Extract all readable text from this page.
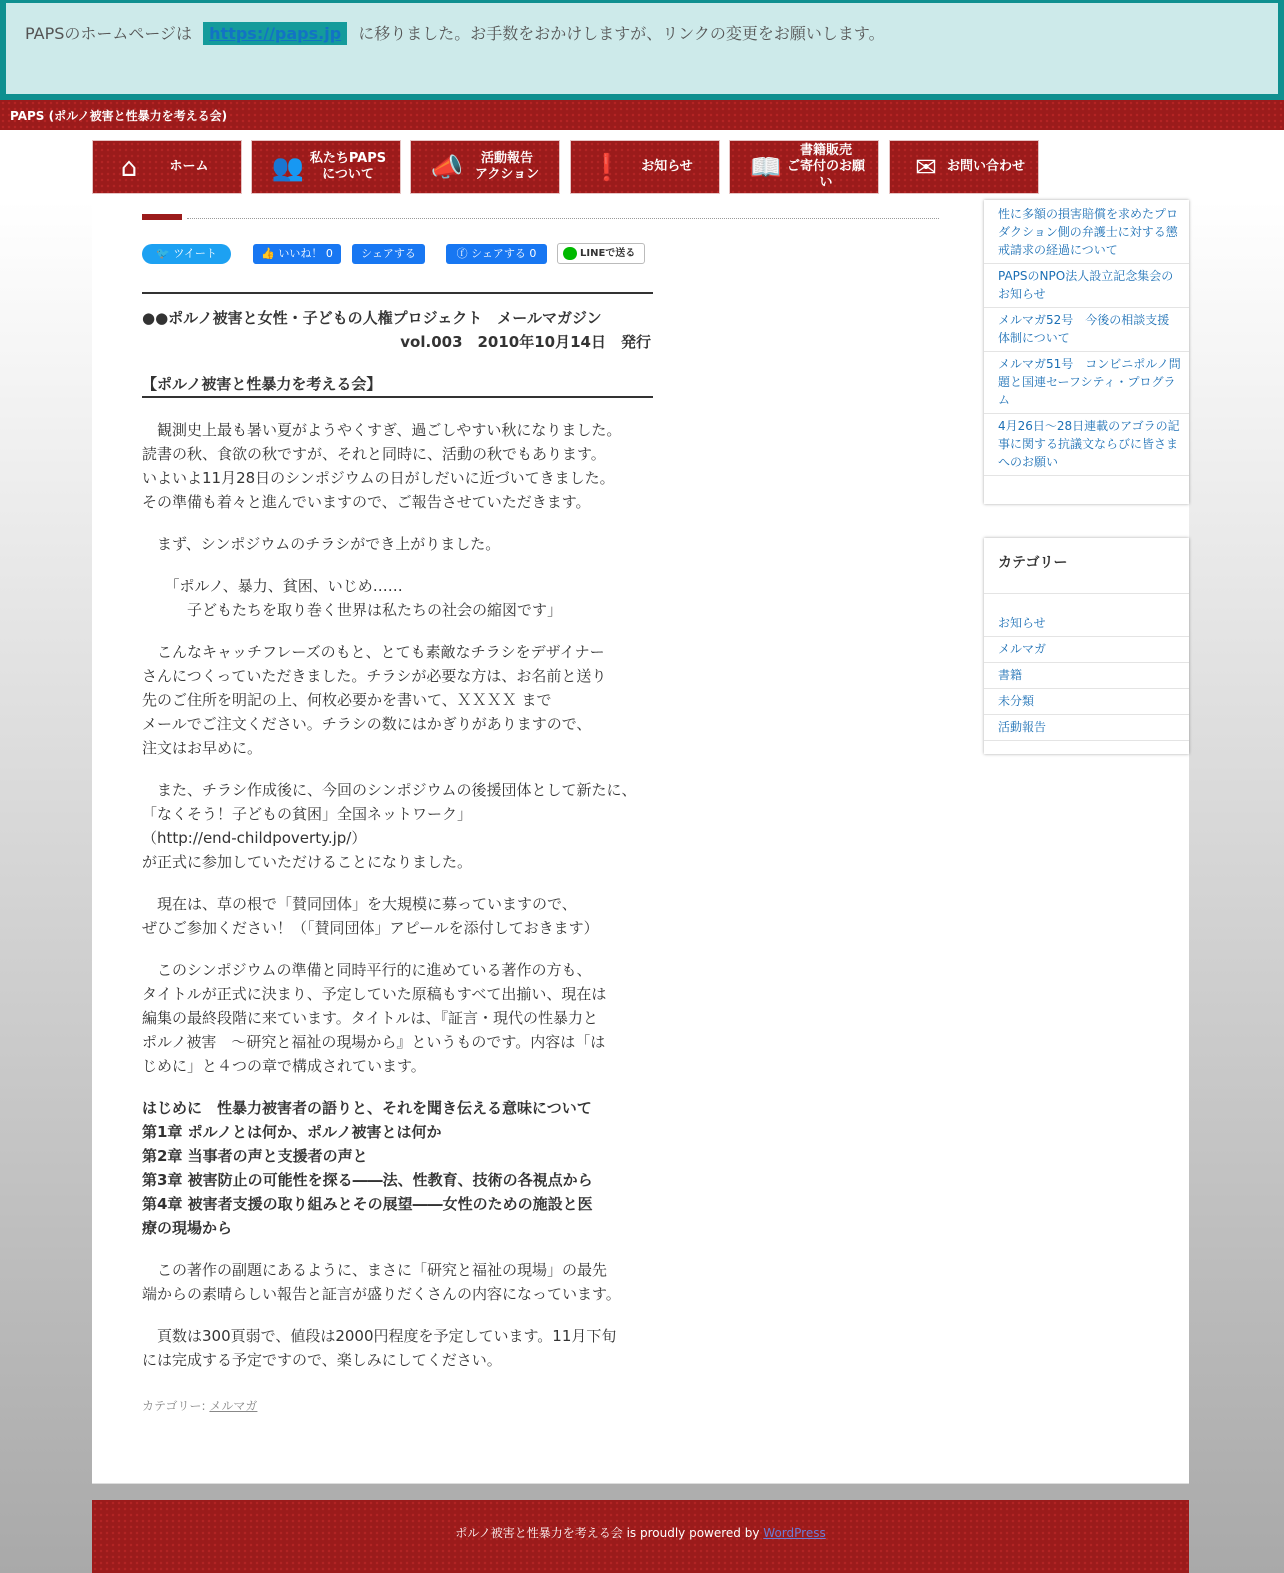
PAPSのホームページは https://paps.jp に移りました。お手数をおかけしますが、リンクの変更をお願いします。
PAPS (ポルノ被害と性暴力を考える会)
⌂	ホーム	👥 私たちPAPS
について	📣	活動報告
アクション	❗	お知らせ	📖
書籍販売
ご寄付のお願い	✉ お問い合わせ
🐦 ツイート	👍 いいね！ 0	シェアする	ⓕ シェアする 0	LINEで送る
●●ポルノ被害と女性・子どもの人権プロジェクト　メールマガジン
vol.003　2010年10月14日　発行
【ポルノ被害と性暴力を考える会】
　観測史上最も暑い夏がようやくすぎ、過ごしやすい秋になりました。
読書の秋、食欲の秋ですが、それと同時に、活動の秋でもあります。
いよいよ11月28日のシンポジウムの日がしだいに近づいてきました。
その準備も着々と進んでいますので、ご報告させていただきます。
　まず、シンポジウムのチラシができ上がりました。
　　「ポルノ、暴力、貧困、いじめ……
　　　子どもたちを取り巻く世界は私たちの社会の縮図です」
　こんなキャッチフレーズのもと、とても素敵なチラシをデザイナー
さんにつくっていただきました。チラシが必要な方は、お名前と送り
先のご住所を明記の上、何枚必要かを書いて、ＸＸＸＸ まで
メールでご注文ください。チラシの数にはかぎりがありますので、
注文はお早めに。
　また、チラシ作成後に、今回のシンポジウムの後援団体として新たに、
「なくそう！子どもの貧困」全国ネットワーク」
（http://end-childpoverty.jp/）
が正式に参加していただけることになりました。
　現在は、草の根で「賛同団体」を大規模に募っていますので、
ぜひご参加ください！（「賛同団体」アピールを添付しておきます）
　このシンポジウムの準備と同時平行的に進めている著作の方も、
タイトルが正式に決まり、予定していた原稿もすべて出揃い、現在は
編集の最終段階に来ています。タイトルは、『証言・現代の性暴力と
ポルノ被害　～研究と福祉の現場から』というものです。内容は「は
じめに」と４つの章で構成されています。
はじめに　性暴力被害者の語りと、それを聞き伝える意味について
第1章 ポルノとは何か、ポルノ被害とは何か
第2章 当事者の声と支援者の声と
第3章 被害防止の可能性を探る――法、性教育、技術の各視点から
第4章 被害者支援の取り組みとその展望――女性のための施設と医
療の現場から
　この著作の副題にあるように、まさに「研究と福祉の現場」の最先
端からの素晴らしい報告と証言が盛りだくさんの内容になっています。
　頁数は300頁弱で、値段は2000円程度を予定しています。11月下旬
には完成する予定ですので、楽しみにしてください。
カテゴリー: メルマガ
性に多額の損害賠償を求めたプロダクション側の弁護士に対する懲戒請求の経過について
PAPSのNPO法人設立記念集会のお知らせ
メルマガ52号　今後の相談支援体制について
メルマガ51号　コンビニポルノ問題と国連セーフシティ・プログラム
4月26日〜28日連載のアゴラの記事に関する抗議文ならびに皆さまへのお願い
カテゴリー
お知らせ
メルマガ
書籍
未分類
活動報告
ポルノ被害と性暴力を考える会 is proudly powered by WordPress
